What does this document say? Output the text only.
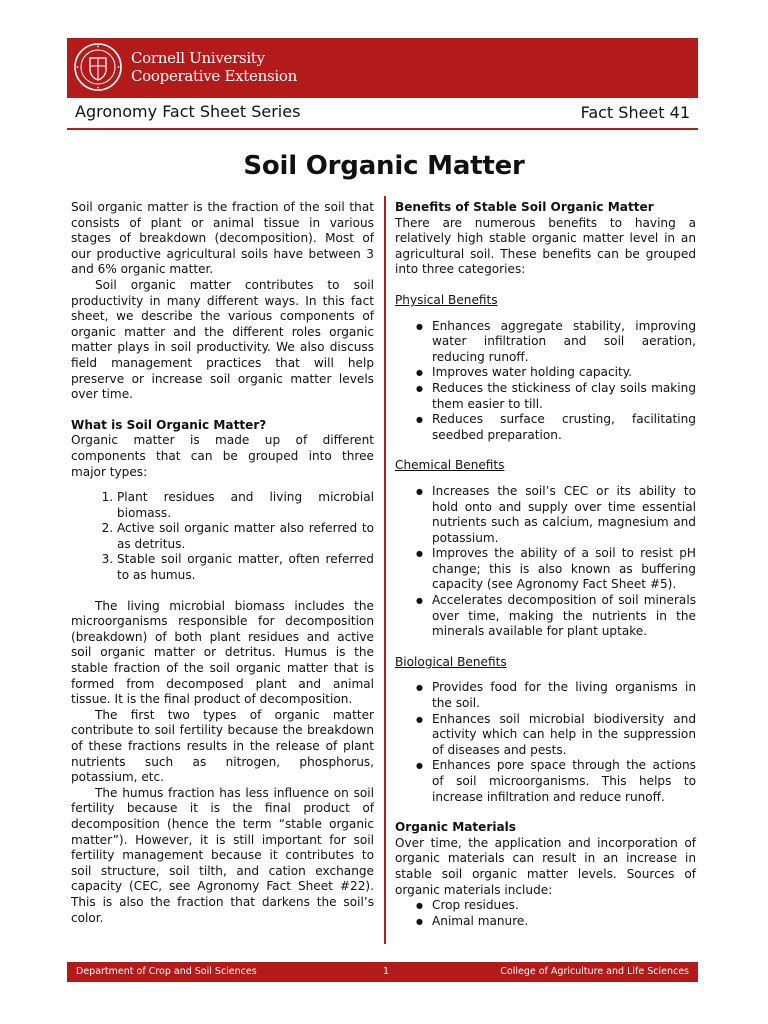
Cornell University
Cooperative Extension
Agronomy Fact Sheet Series	Fact Sheet 41
Soil Organic Matter

Soil organic matter is the fraction of the soil that consists of plant or animal tissue in various stages of breakdown (decomposition). Most of our productive agricultural soils have between 3 and 6% organic matter.

Soil organic matter contributes to soil productivity in many different ways. In this fact sheet, we describe the various components of organic matter and the different roles organic matter plays in soil productivity. We also discuss field management practices that will help preserve or increase soil organic matter levels over time.

What is Soil Organic Matter?

Organic matter is made up of different components that can be grouped into three major types:

1. Plant residues and living microbial biomass.
2. Active soil organic matter also referred to as detritus.
3. Stable soil organic matter, often referred to as humus.

The living microbial biomass includes the microorganisms responsible for decomposition (breakdown) of both plant residues and active soil organic matter or detritus. Humus is the stable fraction of the soil organic matter that is formed from decomposed plant and animal tissue. It is the final product of decomposition.

The first two types of organic matter contribute to soil fertility because the breakdown of these fractions results in the release of plant nutrients such as nitrogen, phosphorus, potassium, etc.

The humus fraction has less influence on soil fertility because it is the final product of decomposition (hence the term “stable organic matter”). However, it is still important for soil fertility management because it contributes to soil structure, soil tilth, and cation exchange capacity (CEC, see Agronomy Fact Sheet #22). This is also the fraction that darkens the soil’s color.

Benefits of Stable Soil Organic Matter

There are numerous benefits to having a relatively high stable organic matter level in an agricultural soil. These benefits can be grouped into three categories:

Physical Benefits

● Enhances aggregate stability, improving water infiltration and soil aeration, reducing runoff.
● Improves water holding capacity.
● Reduces the stickiness of clay soils making them easier to till.
● Reduces surface crusting, facilitating seedbed preparation.

Chemical Benefits

● Increases the soil’s CEC or its ability to hold onto and supply over time essential nutrients such as calcium, magnesium and potassium.
● Improves the ability of a soil to resist pH change; this is also known as buffering capacity (see Agronomy Fact Sheet #5).
● Accelerates decomposition of soil minerals over time, making the nutrients in the minerals available for plant uptake.

Biological Benefits

● Provides food for the living organisms in the soil.
● Enhances soil microbial biodiversity and activity which can help in the suppression of diseases and pests.
● Enhances pore space through the actions of soil microorganisms. This helps to increase infiltration and reduce runoff.

Organic Materials

Over time, the application and incorporation of organic materials can result in an increase in stable soil organic matter levels. Sources of organic materials include:

● Crop residues.
● Animal manure.
Department of Crop and Soil Sciences	1	College of Agriculture and Life Sciences
